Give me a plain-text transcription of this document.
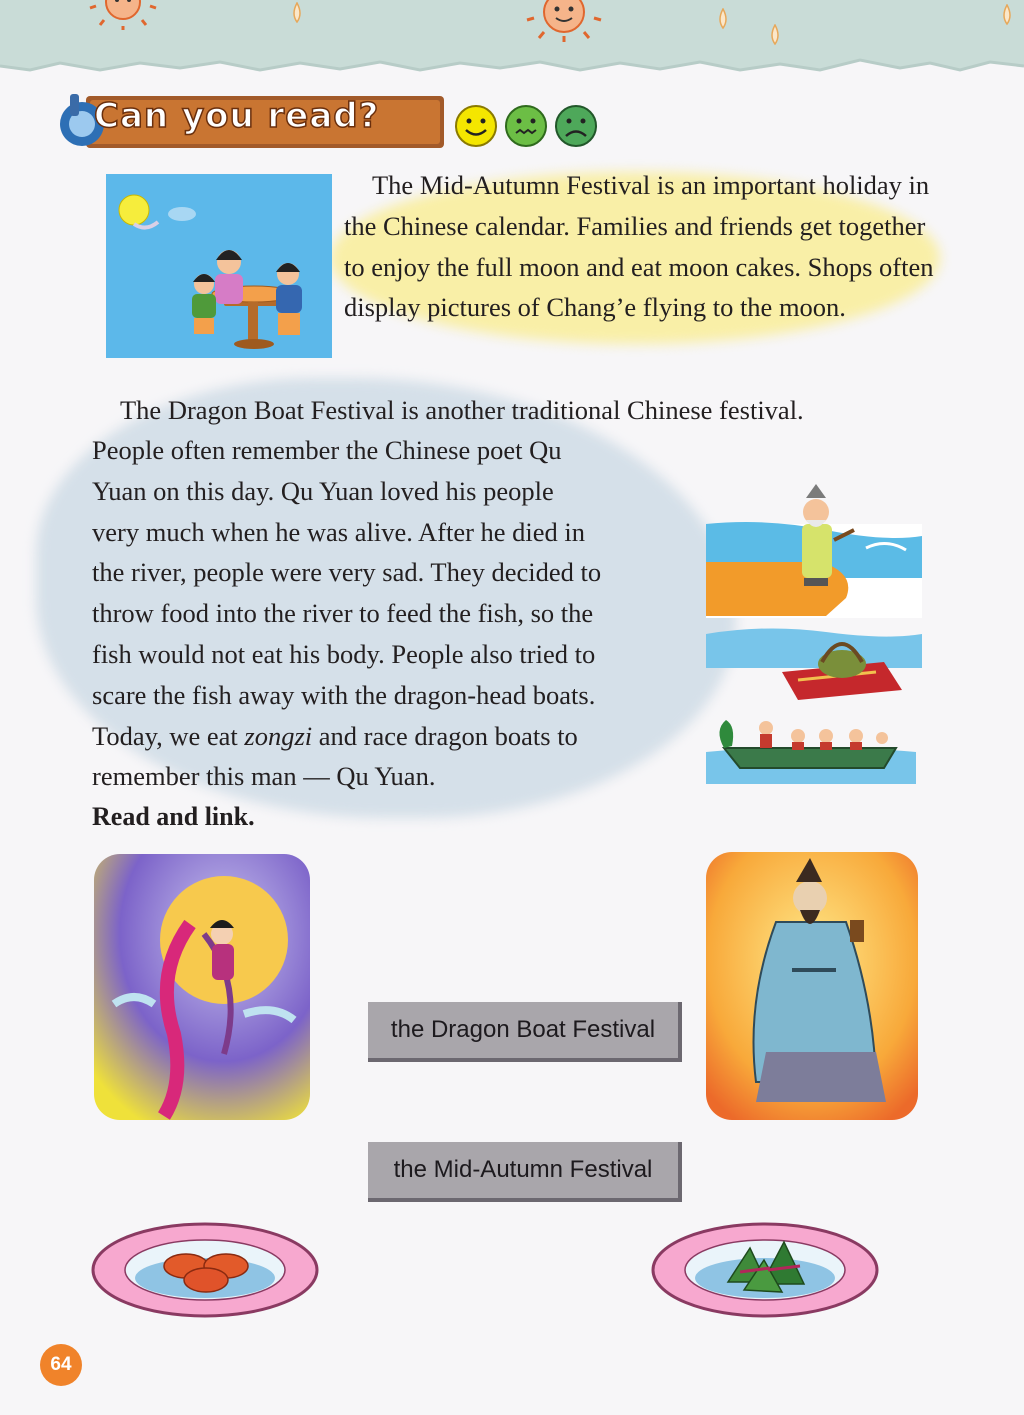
Can you read?
The Mid-Autumn Festival is an important holiday in the Chinese calendar. Families and friends get together to enjoy the full moon and eat moon cakes. Shops often display pictures of Chang’e flying to the moon.
The Dragon Boat Festival is another traditional Chinese festival.

People often remember the Chinese poet Qu

Yuan on this day. Qu Yuan loved his people

very much when he was alive. After he died in

the river, people were very sad. They decided to

throw food into the river to feed the fish, so the

fish would not eat his body. People also tried to

scare the fish away with the dragon-head boats.

Today, we eat zongzi and race dragon boats to

remember this man — Qu Yuan.

Read and link.
the Dragon Boat Festival
the Mid-Autumn Festival
64
